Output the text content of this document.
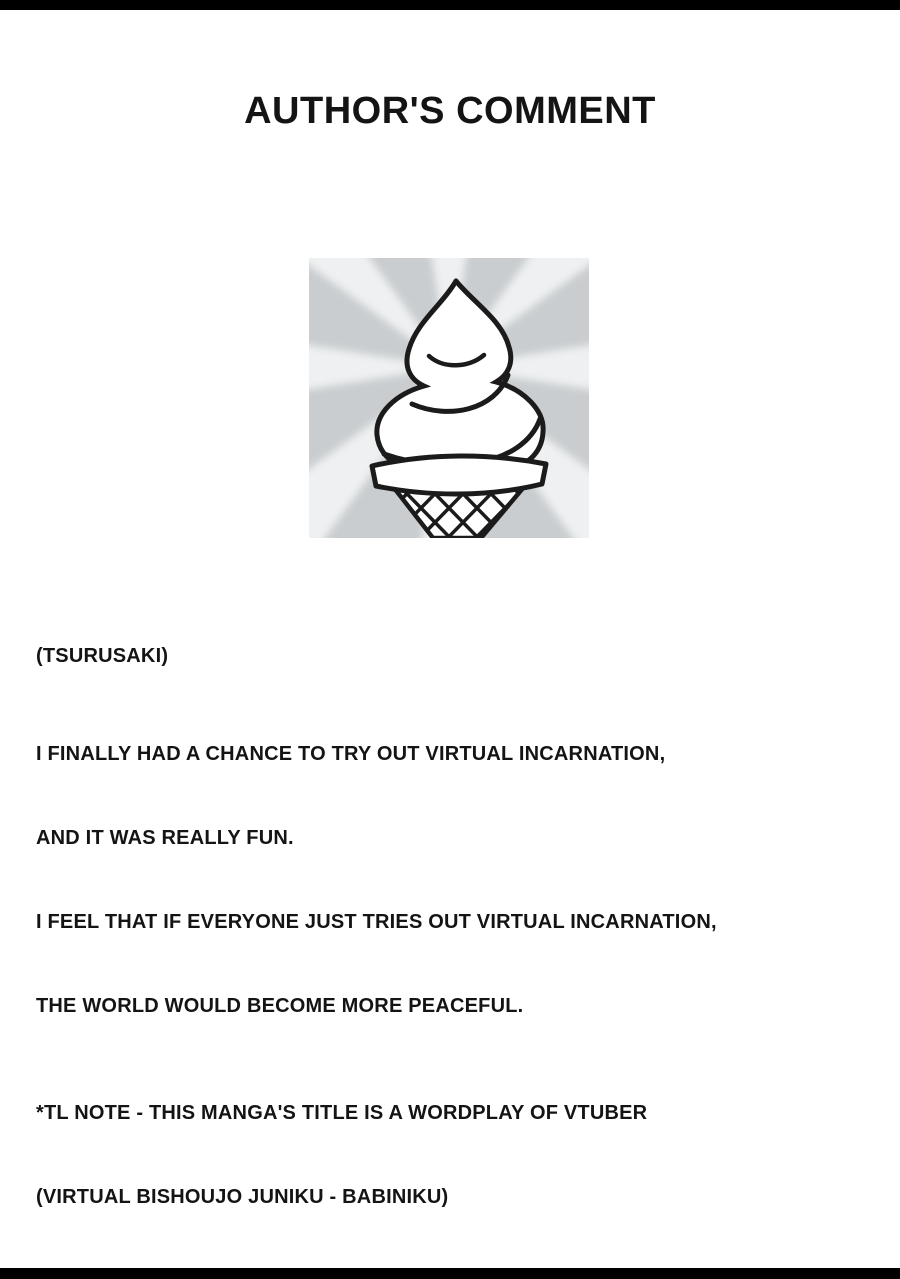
AUTHOR'S COMMENT
(TSURUSAKI)

I FINALLY HAD A CHANCE TO TRY OUT VIRTUAL INCARNATION,

AND IT WAS REALLY FUN.

I FEEL THAT IF EVERYONE JUST TRIES OUT VIRTUAL INCARNATION,

THE WORLD WOULD BECOME MORE PEACEFUL.

*TL NOTE - THIS MANGA'S TITLE IS A WORDPLAY OF VTUBER

(VIRTUAL BISHOUJO JUNIKU - BABINIKU)
